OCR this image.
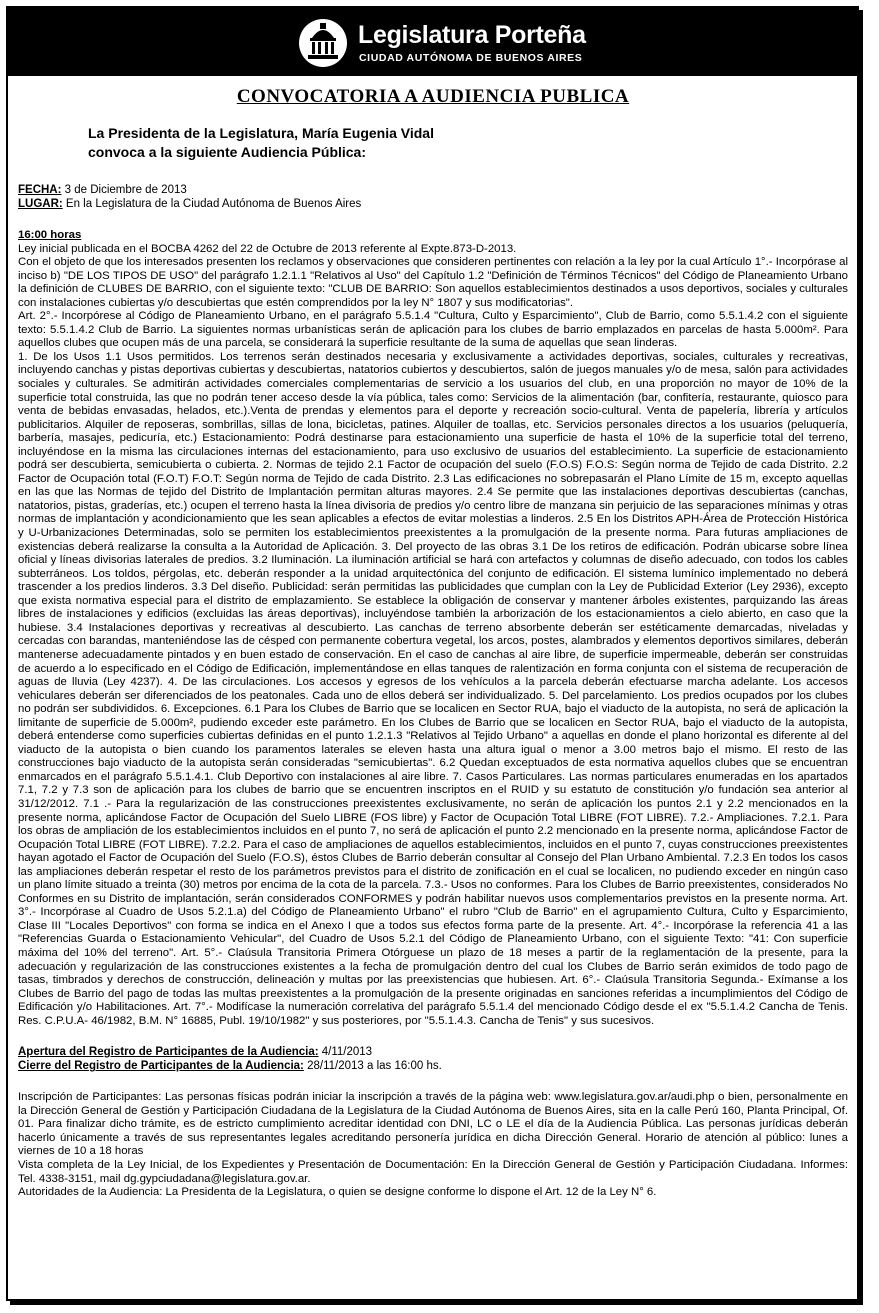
Legislatura Porteña
CIUDAD AUTÓNOMA DE BUENOS AIRES
CONVOCATORIA A AUDIENCIA PUBLICA
La Presidenta de la Legislatura, María Eugenia Vidal
convoca a la siguiente Audiencia Pública:
FECHA: 3 de Diciembre de 2013
LUGAR: En la Legislatura de la Ciudad Autónoma de Buenos Aires
16:00 horas

Ley inicial publicada en el BOCBA 4262 del 22 de Octubre de 2013 referente al Expte.873-D-2013.

Con el objeto de que los interesados presenten los reclamos y observaciones que consideren pertinentes con relación a la ley por la cual Artículo 1°.- Incorpórase al inciso b) "DE LOS TIPOS DE USO" del parágrafo 1.2.1.1 "Relativos al Uso" del Capítulo 1.2 "Definición de Términos Técnicos" del Código de Planeamiento Urbano la definición de CLUBES DE BARRIO, con el siguiente texto: "CLUB DE BARRIO: Son aquellos establecimientos destinados a usos deportivos, sociales y culturales con instalaciones cubiertas y/o descubiertas que estén comprendidos por la ley N° 1807 y sus modificatorias".

Art. 2°.- Incorpórese al Código de Planeamiento Urbano, en el parágrafo 5.5.1.4 "Cultura, Culto y Esparcimiento", Club de Barrio, como 5.5.1.4.2 con el siguiente texto: 5.5.1.4.2 Club de Barrio. La siguientes normas urbanísticas serán de aplicación para los clubes de barrio emplazados en parcelas de hasta 5.000m². Para aquellos clubes que ocupen más de una parcela, se considerará la superficie resultante de la suma de aquellas que sean linderas.

1. De los Usos 1.1 Usos permitidos. Los terrenos serán destinados necesaria y exclusivamente a actividades deportivas, sociales, culturales y recreativas, incluyendo canchas y pistas deportivas cubiertas y descubiertas, natatorios cubiertos y descubiertos, salón de juegos manuales y/o de mesa, salón para actividades sociales y culturales. Se admitirán actividades comerciales complementarias de servicio a los usuarios del club, en una proporción no mayor de 10% de la superficie total construida, las que no podrán tener acceso desde la vía pública, tales como: Servicios de la alimentación (bar, confitería, restaurante, quiosco para venta de bebidas envasadas, helados, etc.).Venta de prendas y elementos para el deporte y recreación socio-cultural. Venta de papelería, librería y artículos publicitarios. Alquiler de reposeras, sombrillas, sillas de lona, bicicletas, patines. Alquiler de toallas, etc. Servicios personales directos a los usuarios (peluquería, barbería, masajes, pedicuría, etc.) Estacionamiento: Podrá destinarse para estacionamiento una superficie de hasta el 10% de la superficie total del terreno, incluyéndose en la misma las circulaciones internas del estacionamiento, para uso exclusivo de usuarios del establecimiento. La superficie de estacionamiento podrá ser descubierta, semicubierta o cubierta. 2. Normas de tejido 2.1 Factor de ocupación del suelo (F.O.S) F.O.S: Según norma de Tejido de cada Distrito. 2.2 Factor de Ocupación total (F.O.T) F.O.T: Según norma de Tejido de cada Distrito. 2.3 Las edificaciones no sobrepasarán el Plano Límite de 15 m, excepto aquellas en las que las Normas de tejido del Distrito de Implantación permitan alturas mayores. 2.4 Se permite que las instalaciones deportivas descubiertas (canchas, natatorios, pistas, graderías, etc.) ocupen el terreno hasta la línea divisoria de predios y/o centro libre de manzana sin perjuicio de las separaciones mínimas y otras normas de implantación y acondicionamiento que les sean aplicables a efectos de evitar molestias a linderos. 2.5 En los Distritos APH-Área de Protección Histórica y U-Urbanizaciones Determinadas, solo se permiten los establecimientos preexistentes a la promulgación de la presente norma. Para futuras ampliaciones de existencias deberá realizarse la consulta a la Autoridad de Aplicación. 3. Del proyecto de las obras 3.1 De los retiros de edificación. Podrán ubicarse sobre línea oficial y líneas divisorias laterales de predios. 3.2 Iluminación. La iluminación artificial se hará con artefactos y columnas de diseño adecuado, con todos los cables subterráneos. Los toldos, pérgolas, etc. deberán responder a la unidad arquitectónica del conjunto de edificación. El sistema lumínico implementado no deberá trascender a los predios linderos. 3.3 Del diseño. Publicidad: serán permitidas las publicidades que cumplan con la Ley de Publicidad Exterior (Ley 2936), excepto que exista normativa especial para el distrito de emplazamiento. Se establece la obligación de conservar y mantener árboles existentes, parquizando las áreas libres de instalaciones y edificios (excluidas las áreas deportivas), incluyéndose también la arborización de los estacionamientos a cielo abierto, en caso que la hubiese. 3.4 Instalaciones deportivas y recreativas al descubierto. Las canchas de terreno absorbente deberán ser estéticamente demarcadas, niveladas y cercadas con barandas, manteniéndose las de césped con permanente cobertura vegetal, los arcos, postes, alambrados y elementos deportivos similares, deberán mantenerse adecuadamente pintados y en buen estado de conservación. En el caso de canchas al aire libre, de superficie impermeable, deberán ser construidas de acuerdo a lo especificado en el Código de Edificación, implementándose en ellas tanques de ralentización en forma conjunta con el sistema de recuperación de aguas de lluvia (Ley 4237). 4. De las circulaciones. Los accesos y egresos de los vehículos a la parcela deberán efectuarse marcha adelante. Los accesos vehiculares deberán ser diferenciados de los peatonales. Cada uno de ellos deberá ser individualizado. 5. Del parcelamiento. Los predios ocupados por los clubes no podrán ser subdivididos. 6. Excepciones. 6.1 Para los Clubes de Barrio que se localicen en Sector RUA, bajo el viaducto de la autopista, no será de aplicación la limitante de superficie de 5.000m², pudiendo exceder este parámetro. En los Clubes de Barrio que se localicen en Sector RUA, bajo el viaducto de la autopista, deberá entenderse como superficies cubiertas definidas en el punto 1.2.1.3 "Relativos al Tejido Urbano" a aquellas en donde el plano horizontal es diferente al del viaducto de la autopista o bien cuando los paramentos laterales se eleven hasta una altura igual o menor a 3.00 metros bajo el mismo. El resto de las construcciones bajo viaducto de la autopista serán consideradas "semicubiertas". 6.2 Quedan exceptuados de esta normativa aquellos clubes que se encuentran enmarcados en el parágrafo 5.5.1.4.1. Club Deportivo con instalaciones al aire libre. 7. Casos Particulares. Las normas particulares enumeradas en los apartados 7.1, 7.2 y 7.3 son de aplicación para los clubes de barrio que se encuentren inscriptos en el RUID y su estatuto de constitución y/o fundación sea anterior al 31/12/2012. 7.1 .- Para la regularización de las construcciones preexistentes exclusivamente, no serán de aplicación los puntos 2.1 y 2.2 mencionados en la presente norma, aplicándose Factor de Ocupación del Suelo LIBRE (FOS libre) y Factor de Ocupación Total LIBRE (FOT LIBRE). 7.2.- Ampliaciones. 7.2.1. Para los obras de ampliación de los establecimientos incluidos en el punto 7, no será de aplicación el punto 2.2 mencionado en la presente norma, aplicándose Factor de Ocupación Total LIBRE (FOT LIBRE). 7.2.2. Para el caso de ampliaciones de aquellos establecimientos, incluidos en el punto 7, cuyas construcciones preexistentes hayan agotado el Factor de Ocupación del Suelo (F.O.S), éstos Clubes de Barrio deberán consultar al Consejo del Plan Urbano Ambiental. 7.2.3 En todos los casos las ampliaciones deberán respetar el resto de los parámetros previstos para el distrito de zonificación en el cual se localicen, no pudiendo exceder en ningún caso un plano límite situado a treinta (30) metros por encima de la cota de la parcela. 7.3.- Usos no conformes. Para los Clubes de Barrio preexistentes, considerados No Conformes en su Distrito de implantación, serán considerados CONFORMES y podrán habilitar nuevos usos complementarios previstos en la presente norma. Art. 3°.- Incorpórase al Cuadro de Usos 5.2.1.a) del Código de Planeamiento Urbano" el rubro "Club de Barrio" en el agrupamiento Cultura, Culto y Esparcimiento, Clase III "Locales Deportivos" con forma se indica en el Anexo I que a todos sus efectos forma parte de la presente. Art. 4°.- Incorpórase la referencia 41 a las "Referencias Guarda o Estacionamiento Vehicular", del Cuadro de Usos 5.2.1 del Código de Planeamiento Urbano, con el siguiente Texto: "41: Con superficie máxima del 10% del terreno". Art. 5°.- Claúsula Transitoria Primera Otórguese un plazo de 18 meses a partir de la reglamentación de la presente, para la adecuación y regularización de las construcciones existentes a la fecha de promulgación dentro del cual los Clubes de Barrio serán eximidos de todo pago de tasas, timbrados y derechos de construcción, delineación y multas por las preexistencias que hubiesen. Art. 6°.- Claúsula Transitoria Segunda.- Exímanse a los Clubes de Barrio del pago de todas las multas preexistentes a la promulgación de la presente originadas en sanciones referidas a incumplimientos del Código de Edificación y/o Habilitaciones. Art. 7°.- Modifícase la numeración correlativa del parágrafo 5.5.1.4 del mencionado Código desde el ex "5.5.1.4.2 Cancha de Tenis. Res. C.P.U.A- 46/1982, B.M. N° 16885, Publ. 19/10/1982" y sus posteriores, por "5.5.1.4.3. Cancha de Tenis" y sus sucesivos.

Apertura del Registro de Participantes de la Audiencia: 4/11/2013
Cierre del Registro de Participantes de la Audiencia: 28/11/2013 a las 16:00 hs.

Inscripción de Participantes: Las personas físicas podrán iniciar la inscripción a través de la página web: www.legislatura.gov.ar/audi.php o bien, personalmente en la Dirección General de Gestión y Participación Ciudadana de la Legislatura de la Ciudad Autónoma de Buenos Aires, sita en la calle Perú 160, Planta Principal, Of. 01. Para finalizar dicho trámite, es de estricto cumplimiento acreditar identidad con DNI, LC o LE el día de la Audiencia Pública. Las personas jurídicas deberán hacerlo únicamente a través de sus representantes legales acreditando personería jurídica en dicha Dirección General. Horario de atención al público: lunes a viernes de 10 a 18 horas

Vista completa de la Ley Inicial, de los Expedientes y Presentación de Documentación: En la Dirección General de Gestión y Participación Ciudadana. Informes: Tel. 4338-3151, mail dg.gypciudadana@legislatura.gov.ar.

Autoridades de la Audiencia: La Presidenta de la Legislatura, o quien se designe conforme lo dispone el Art. 12 de la Ley N° 6.
